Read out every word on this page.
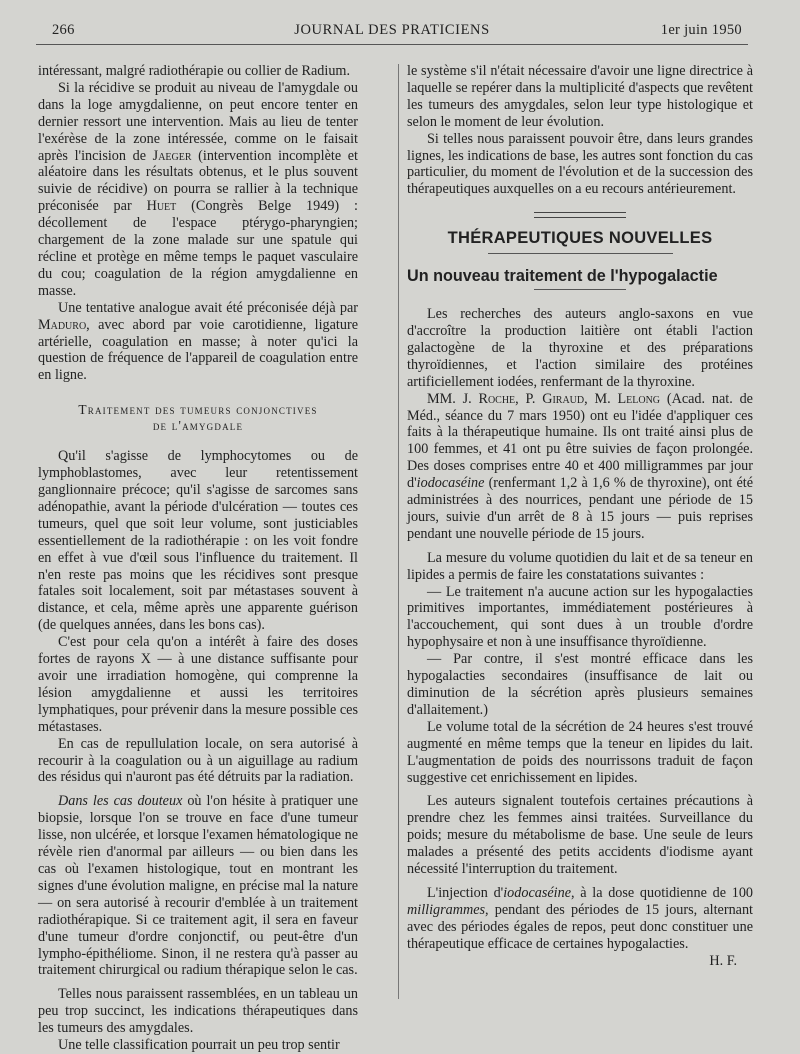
266	JOURNAL DES PRATICIENS	1er juin 1950

intéressant, malgré radiothérapie ou collier de Radium.

Si la récidive se produit au niveau de l'amygdale ou dans la loge amygdalienne, on peut encore tenter en dernier ressort une intervention. Mais au lieu de tenter l'exérèse de la zone intéressée, comme on le faisait après l'incision de Jaeger (intervention incomplète et aléatoire dans les résultats obtenus, et le plus souvent suivie de récidive) on pourra se rallier à la technique préconisée par Huet (Congrès Belge 1949) : décollement de l'espace ptérygo-pharyngien; chargement de la zone malade sur une spatule qui récline et protège en même temps le paquet vasculaire du cou; coagulation de la région amygdalienne en masse.

Une tentative analogue avait été préconisée déjà par Maduro, avec abord par voie carotidienne, ligature artérielle, coagulation en masse; à noter qu'ici la question de fréquence de l'appareil de coagulation entre en ligne.

Traitement des tumeurs conjonctives
de l'amygdale

Qu'il s'agisse de lymphocytomes ou de lymphoblastomes, avec leur retentissement ganglionnaire précoce; qu'il s'agisse de sarcomes sans adénopathie, avant la période d'ulcération — toutes ces tumeurs, quel que soit leur volume, sont justiciables essentiellement de la radiothérapie : on les voit fondre en effet à vue d'œil sous l'influence du traitement. Il n'en reste pas moins que les récidives sont presque fatales soit localement, soit par métastases souvent à distance, et cela, même après une apparente guérison (de quelques années, dans les bons cas).

C'est pour cela qu'on a intérêt à faire des doses fortes de rayons X — à une distance suffisante pour avoir une irradiation homogène, qui comprenne la lésion amygdalienne et aussi les territoires lymphatiques, pour prévenir dans la mesure possible ces métastases.

En cas de repullulation locale, on sera autorisé à recourir à la coagulation ou à un aiguillage au radium des résidus qui n'auront pas été détruits par la radiation.

Dans les cas douteux où l'on hésite à pratiquer une biopsie, lorsque l'on se trouve en face d'une tumeur lisse, non ulcérée, et lorsque l'examen hématologique ne révèle rien d'anormal par ailleurs — ou bien dans les cas où l'examen histologique, tout en montrant les signes d'une évolution maligne, en précise mal la nature — on sera autorisé à recourir d'emblée à un traitement radiothérapique. Si ce traitement agit, il sera en faveur d'une tumeur d'ordre conjonctif, ou peut-être d'un lympho-épithéliome. Sinon, il ne restera qu'à passer au traitement chirurgical ou radium thérapique selon le cas.

Telles nous paraissent rassemblées, en un tableau un peu trop succinct, les indications thérapeutiques dans les tumeurs des amygdales.

Une telle classification pourrait un peu trop sentir

le système s'il n'était nécessaire d'avoir une ligne directrice à laquelle se repérer dans la multiplicité d'aspects que revêtent les tumeurs des amygdales, selon leur type histologique et selon le moment de leur évolution.

Si telles nous paraissent pouvoir être, dans leurs grandes lignes, les indications de base, les autres sont fonction du cas particulier, du moment de l'évolution et de la succession des thérapeutiques auxquelles on a eu recours antérieurement.

THÉRAPEUTIQUES NOUVELLES
Un nouveau traitement de l'hypogalactie

Les recherches des auteurs anglo-saxons en vue d'accroître la production laitière ont établi l'action galactogène de la thyroxine et des préparations thyroïdiennes, et l'action similaire des protéines artificiellement iodées, renfermant de la thyroxine.

MM. J. Roche, P. Giraud, M. Lelong (Acad. nat. de Méd., séance du 7 mars 1950) ont eu l'idée d'appliquer ces faits à la thérapeutique humaine. Ils ont traité ainsi plus de 100 femmes, et 41 ont pu être suivies de façon prolongée. Des doses comprises entre 40 et 400 milligrammes par jour d'iodocaséine (renfermant 1,2 à 1,6 % de thyroxine), ont été administrées à des nourrices, pendant une période de 15 jours, suivie d'un arrêt de 8 à 15 jours — puis reprises pendant une nouvelle période de 15 jours.

La mesure du volume quotidien du lait et de sa teneur en lipides a permis de faire les constatations suivantes :

— Le traitement n'a aucune action sur les hypogalacties primitives importantes, immédiatement postérieures à l'accouchement, qui sont dues à un trouble d'ordre hypophysaire et non à une insuffisance thyroïdienne.

— Par contre, il s'est montré efficace dans les hypogalacties secondaires (insuffisance de lait ou diminution de la sécrétion après plusieurs semaines d'allaitement.)

Le volume total de la sécrétion de 24 heures s'est trouvé augmenté en même temps que la teneur en lipides du lait. L'augmentation de poids des nourrissons traduit de façon suggestive cet enrichissement en lipides.

Les auteurs signalent toutefois certaines précautions à prendre chez les femmes ainsi traitées. Surveillance du poids; mesure du métabolisme de base. Une seule de leurs malades a présenté des petits accidents d'iodisme ayant nécessité l'interruption du traitement.

L'injection d'iodocaséine, à la dose quotidienne de 100 milligrammes, pendant des périodes de 15 jours, alternant avec des périodes égales de repos, peut donc constituer une thérapeutique efficace de certaines hypogalacties.

H. F.
